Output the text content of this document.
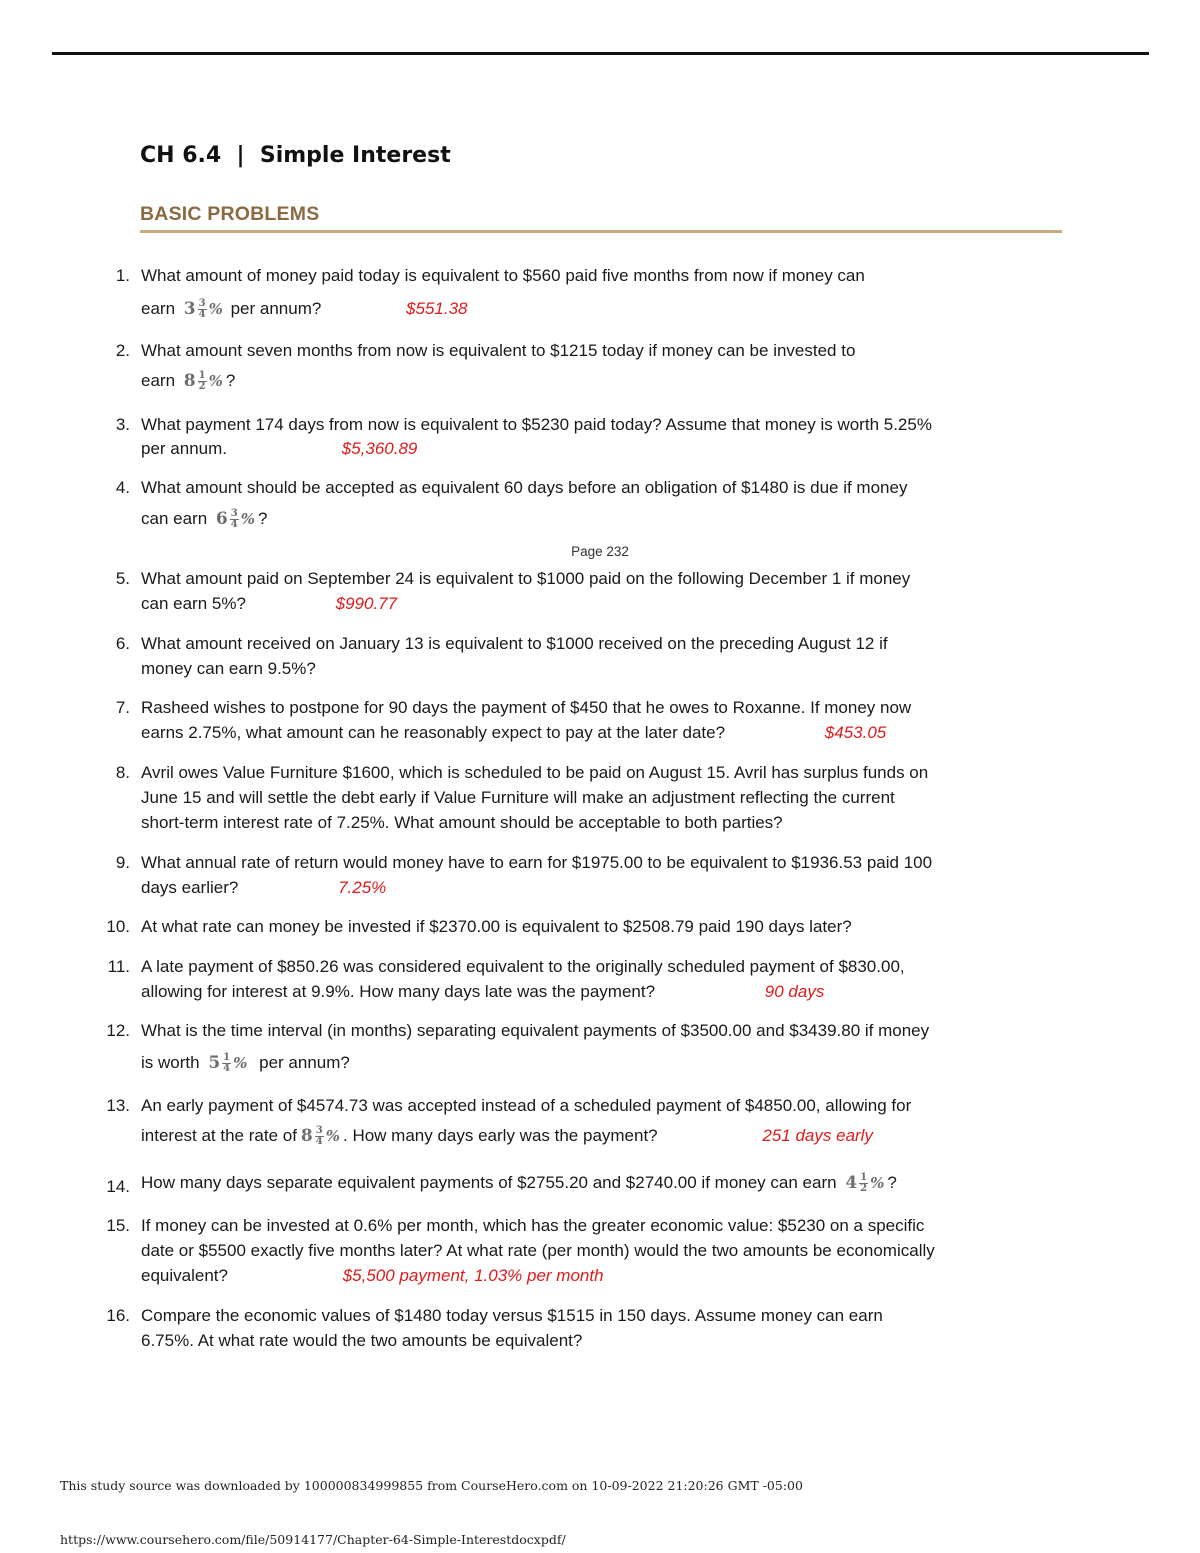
CH 6.4  |  Simple Interest
BASIC PROBLEMS
1. What amount of money paid today is equivalent to $560 paid five months from now if money can
earn $3 \frac{3}{4}$ % per annum?	$551.38
2. What amount seven months from now is equivalent to $1215 today if money can be invested to
earn $8 \frac{1}{2}$ % ?
3. What payment 174 days from now is equivalent to $5230 paid today? Assume that money is worth 5.25%
per annum.	$5,360.89
4. What amount should be accepted as equivalent 60 days before an obligation of $1480 is due if money
can earn $6 \frac{3}{4}$ % ?
Page 232
5. What amount paid on September 24 is equivalent to $1000 paid on the following December 1 if money
can earn 5%?	$990.77
6. What amount received on January 13 is equivalent to $1000 received on the preceding August 12 if
money can earn 9.5%?
7. Rasheed wishes to postpone for 90 days the payment of $450 that he owes to Roxanne. If money now
earns 2.75%, what amount can he reasonably expect to pay at the later date?	$453.05
8. Avril owes Value Furniture $1600, which is scheduled to be paid on August 15. Avril has surplus funds on
June 15 and will settle the debt early if Value Furniture will make an adjustment reflecting the current
short-term interest rate of 7.25%. What amount should be acceptable to both parties?
9. What annual rate of return would money have to earn for $1975.00 to be equivalent to $1936.53 paid 100
days earlier?	7.25%
10. At what rate can money be invested if $2370.00 is equivalent to $2508.79 paid 190 days later?
11. A late payment of $850.26 was considered equivalent to the originally scheduled payment of $830.00,
allowing for interest at 9.9%. How many days late was the payment?	90 days
12. What is the time interval (in months) separating equivalent payments of $3500.00 and $3439.80 if money
is worth $5 \frac{1}{4}$ % per annum?
13. An early payment of $4574.73 was accepted instead of a scheduled payment of $4850.00, allowing for
interest at the rate of $8 \frac{3}{4}$ % . How many days early was the payment?	251 days early
14. How many days separate equivalent payments of $2755.20 and $2740.00 if money can earn $4 \frac{1}{2}$ % ?
15. If money can be invested at 0.6% per month, which has the greater economic value: $5230 on a specific
date or $5500 exactly five months later? At what rate (per month) would the two amounts be economically
equivalent?	$5,500 payment, 1.03% per month
16. Compare the economic values of $1480 today versus $1515 in 150 days. Assume money can earn
6.75%. At what rate would the two amounts be equivalent?
This study source was downloaded by 100000834999855 from CourseHero.com on 10-09-2022 21:20:26 GMT -05:00
https://www.coursehero.com/file/50914177/Chapter-64-Simple-Interestdocxpdf/
